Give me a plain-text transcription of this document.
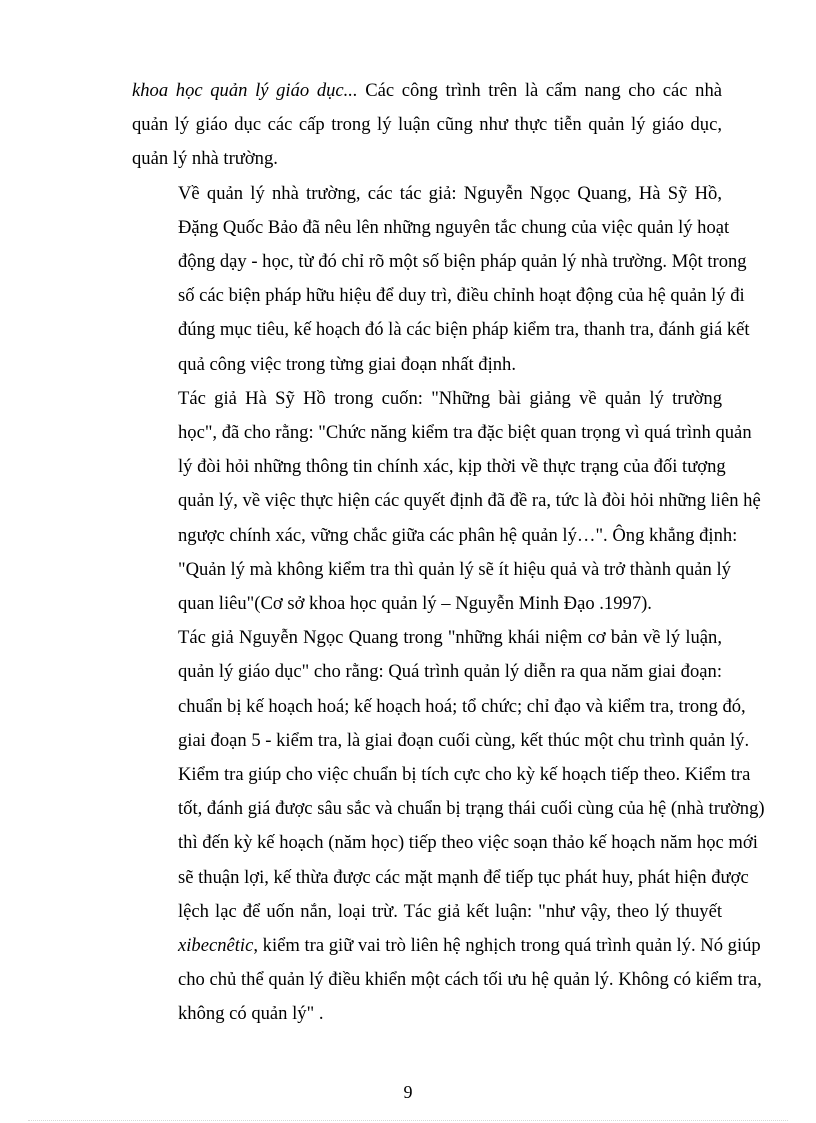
khoa học quản lý giáo dục... Các công trình trên là cẩm nang cho các nhà
quản lý giáo dục các cấp trong lý luận cũng như thực tiễn quản lý giáo dục,
quản lý nhà trường.

Về quản lý nhà trường, các tác giả: Nguyễn Ngọc Quang, Hà Sỹ Hồ,
Đặng Quốc Bảo đã nêu lên những nguyên tắc chung của việc quản lý hoạt
động dạy - học, từ đó chỉ rõ một số biện pháp quản lý nhà trường. Một trong
số các biện pháp hữu hiệu để duy trì, điều chỉnh hoạt động của hệ quản lý đi
đúng mục tiêu, kế hoạch đó là các biện pháp kiểm tra, thanh tra, đánh giá kết
quả công việc trong từng giai đoạn nhất định.

Tác giả Hà Sỹ Hồ trong cuốn: "Những bài giảng về quản lý trường
học", đã cho rằng: "Chức năng kiểm tra đặc biệt quan trọng vì quá trình quản
lý đòi hỏi những thông tin chính xác, kịp thời về thực trạng của đối tượng
quản lý, về việc thực hiện các quyết định đã đề ra, tức là đòi hỏi những liên hệ
ngược chính xác, vững chắc giữa các phân hệ quản lý…". Ông khẳng định:
"Quản lý mà không kiểm tra thì quản lý sẽ ít hiệu quả và trở thành quản lý
quan liêu"(Cơ sở khoa học quản lý – Nguyễn Minh Đạo .1997).

Tác giả Nguyễn Ngọc Quang trong "những khái niệm cơ bản về lý luận,
quản lý giáo dục" cho rằng: Quá trình quản lý diễn ra qua năm giai đoạn:
chuẩn bị kế hoạch hoá; kế hoạch hoá; tổ chức; chỉ đạo và kiểm tra, trong đó,
giai đoạn 5 - kiểm tra, là giai đoạn cuối cùng, kết thúc một chu trình quản lý.
Kiểm tra giúp cho việc chuẩn bị tích cực cho kỳ kế hoạch tiếp theo. Kiểm tra
tốt, đánh giá được sâu sắc và chuẩn bị trạng thái cuối cùng của hệ (nhà trường)
thì đến kỳ kế hoạch (năm học) tiếp theo việc soạn thảo kế hoạch năm học mới
sẽ thuận lợi, kế thừa được các mặt mạnh để tiếp tục phát huy, phát hiện được
lệch lạc để uốn nắn, loại trừ. Tác giả kết luận: "như vậy, theo lý thuyết
xibecnêtic, kiểm tra giữ vai trò liên hệ nghịch trong quá trình quản lý. Nó giúp
cho chủ thể quản lý điều khiển một cách tối ưu hệ quản lý. Không có kiểm tra,
không có quản lý" .

9
